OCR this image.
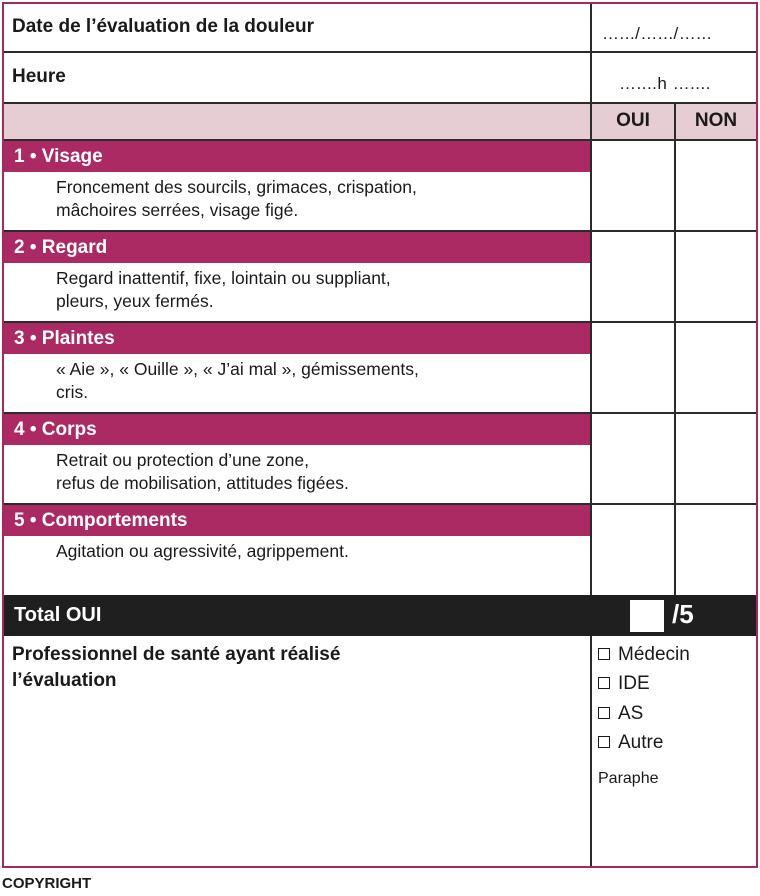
Date de l’évaluation de la douleur	….../….../…...
Heure	…....h …....
OUI	NON
1 • Visage
Froncement des sourcils, grimaces, crispation,
mâchoires serrées, visage figé.
2 • Regard
Regard inattentif, fixe, lointain ou suppliant,
pleurs, yeux fermés.
3 • Plaintes
« Aie », « Ouille », « J’ai mal », gémissements,
cris.
4 • Corps
Retrait ou protection d’une zone,
refus de mobilisation, attitudes figées.
5 • Comportements
Agitation ou agressivité, agrippement.
Total OUI	/5
Professionnel de santé ayant réalisé
l’évaluation
Médecin
IDE
AS
Autre
Paraphe
COPYRIGHT
